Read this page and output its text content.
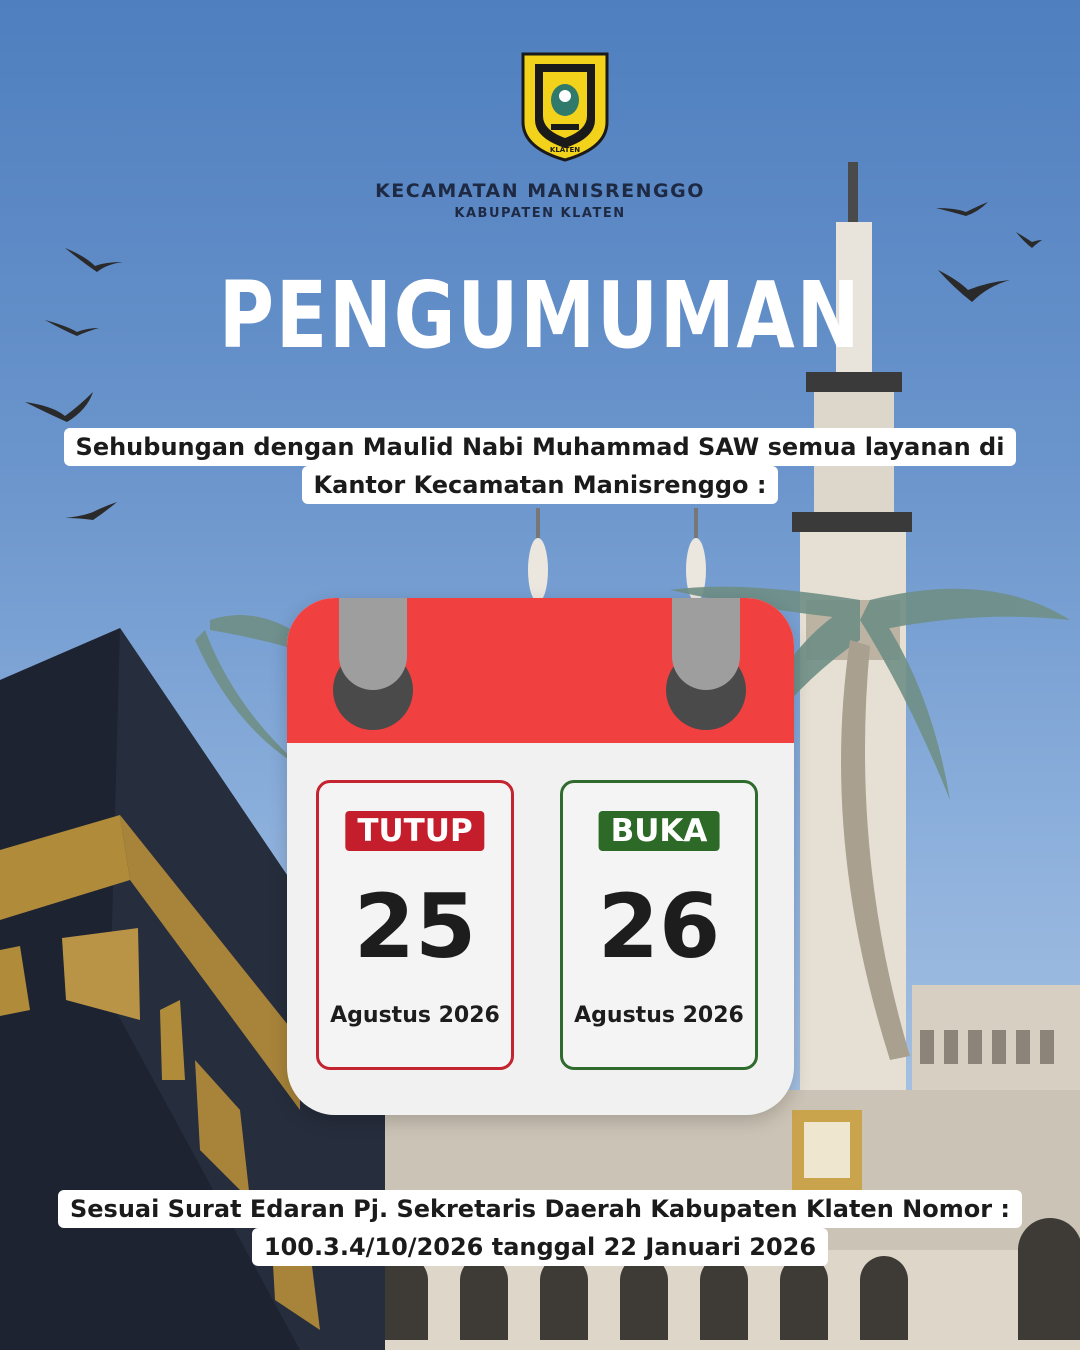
KLATEN
KECAMATAN MANISRENGGO
KABUPATEN KLATEN
PENGUMUMAN
Sehubungan dengan Maulid Nabi Muhammad SAW semua layanan di
Kantor Kecamatan Manisrenggo :
TUTUP
25
Agustus 2026
BUKA
26
Agustus 2026
Sesuai Surat Edaran Pj. Sekretaris Daerah Kabupaten Klaten Nomor :
100.3.4/10/2026 tanggal 22 Januari 2026
